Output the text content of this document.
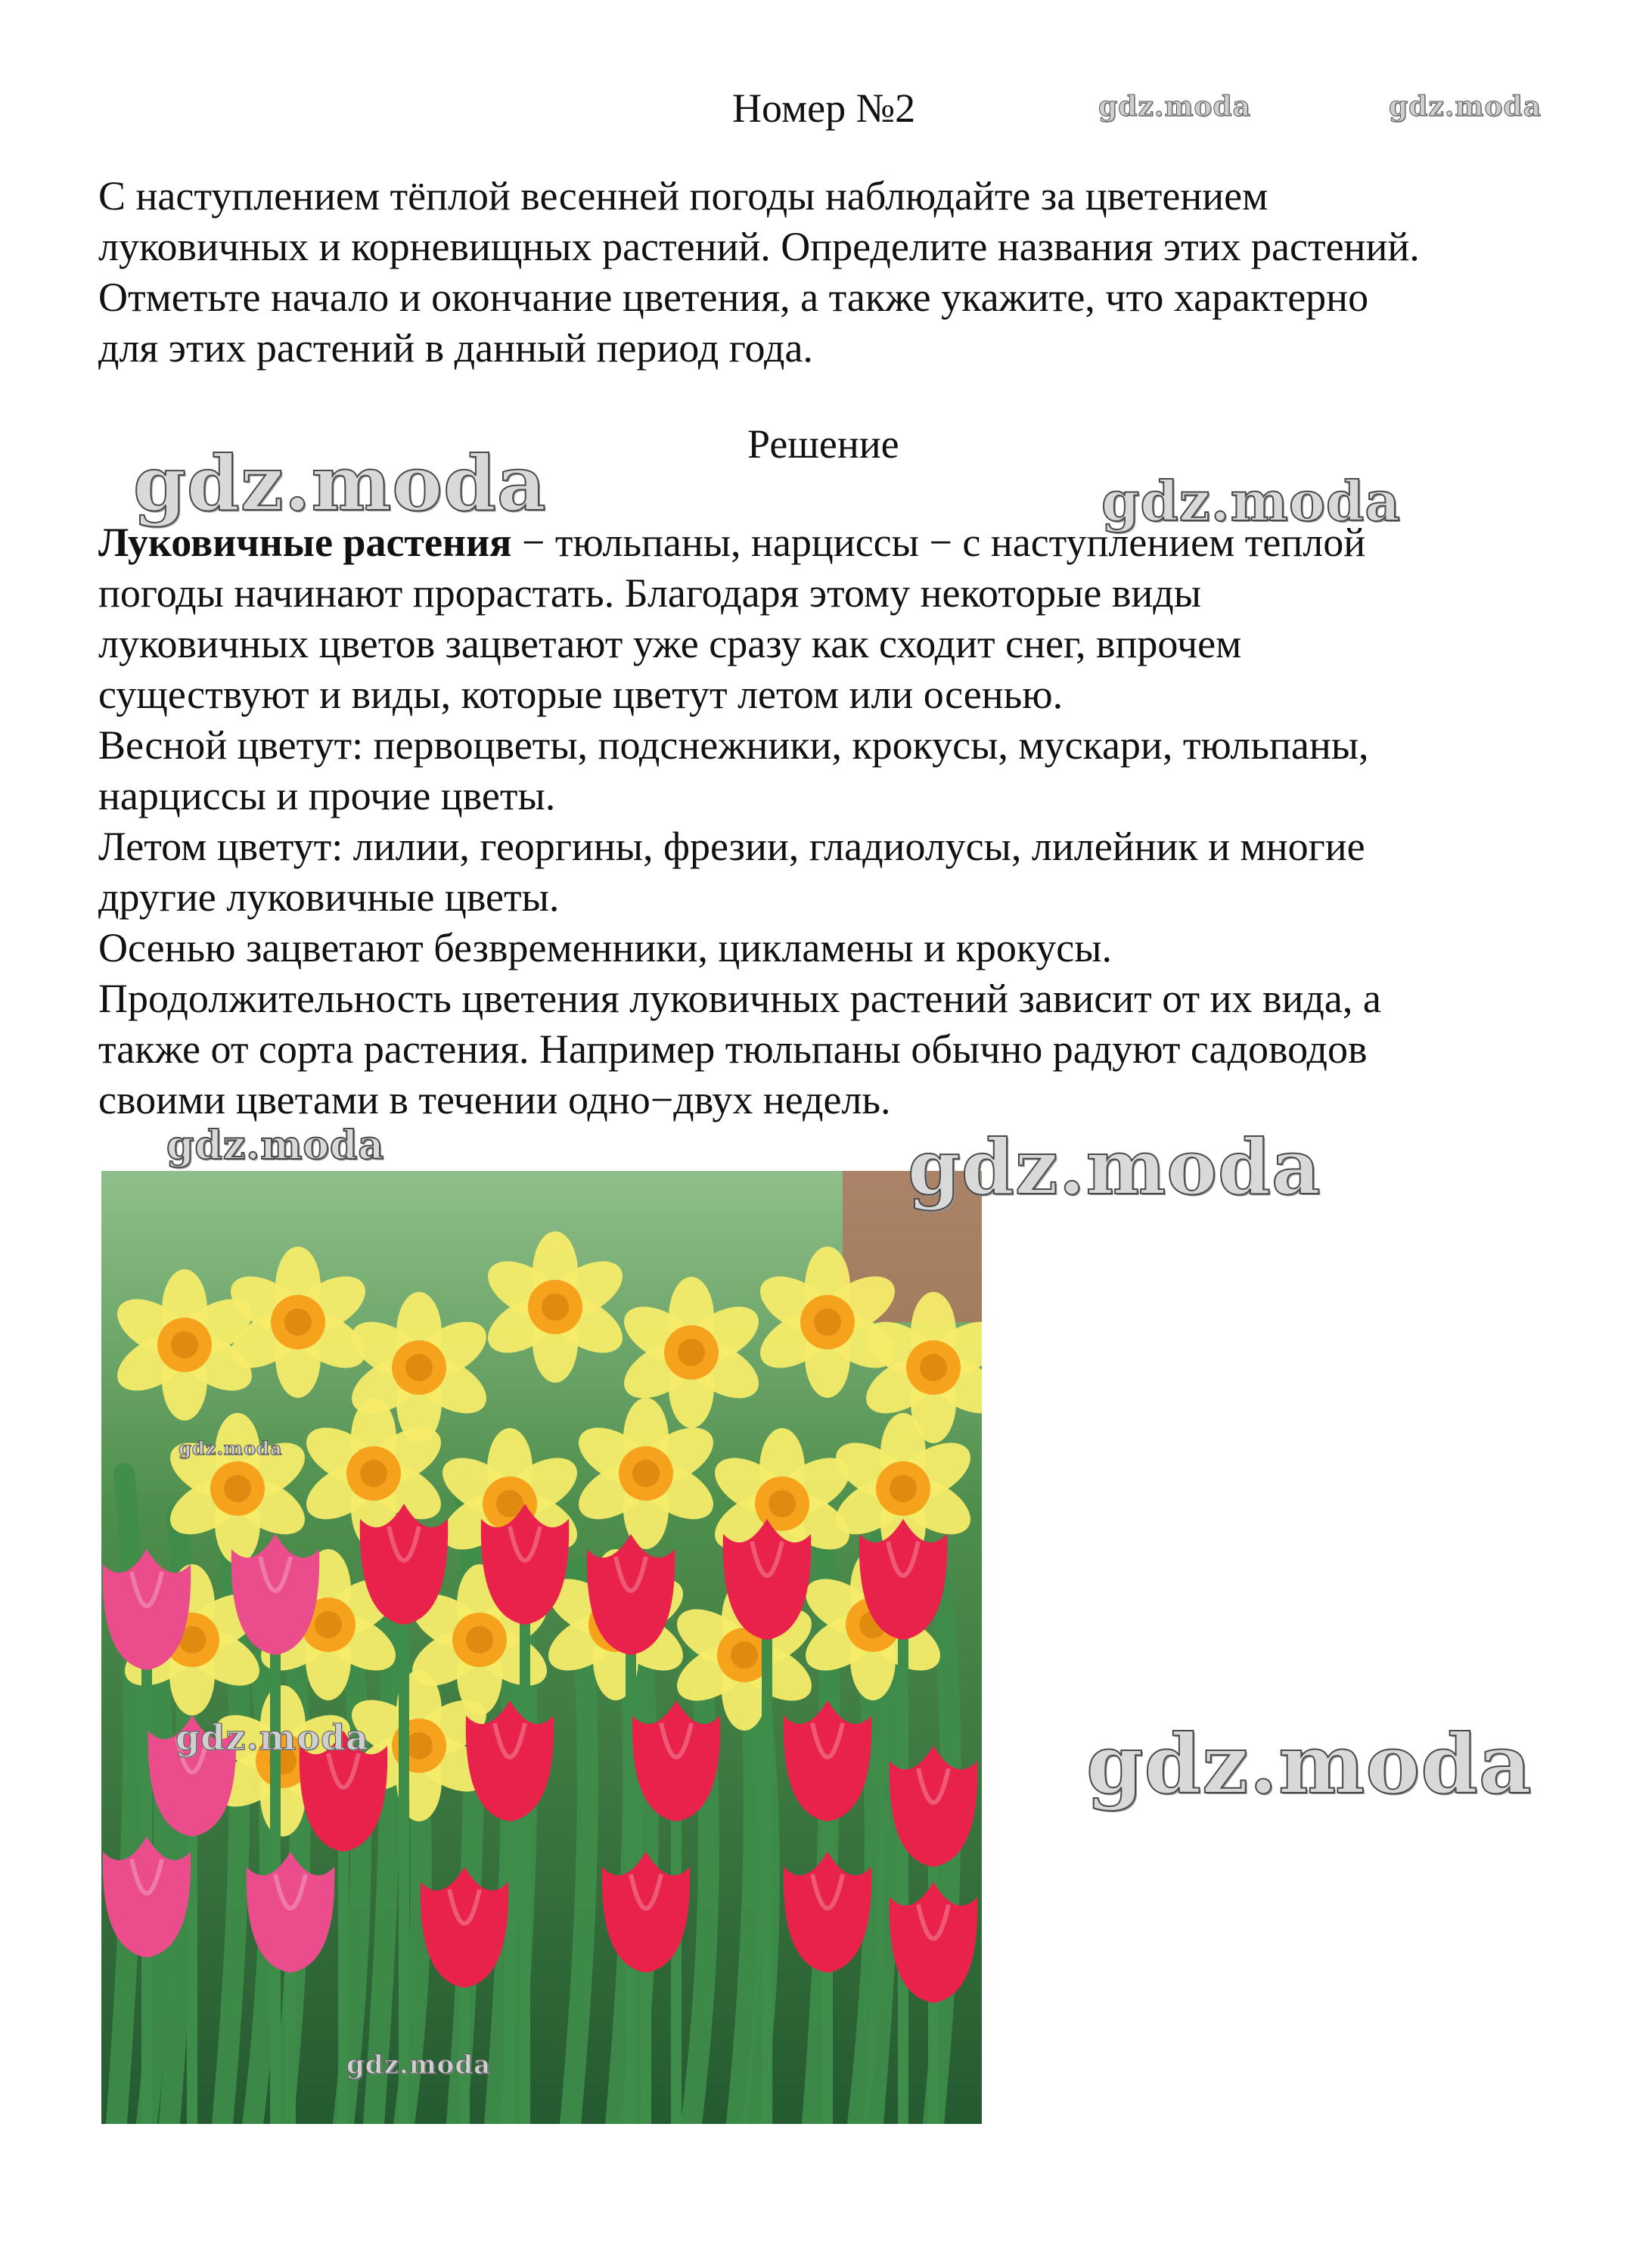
Номер №2	gdz.moda	gdz.moda

С наступлением тёплой весенней погоды наблюдайте за цветением

луковичных и корневищных растений. Определите названия этих растений.

Отметьте начало и окончание цветения, а также укажите, что характерно

для этих растений в данный период года.

Решение
gdz.moda	gdz.moda

Луковичные растения − тюльпаны, нарциссы − с наступлением теплой

погоды начинают прорастать. Благодаря этому некоторые виды

луковичных цветов зацветают уже сразу как сходит снег, впрочем

существуют и виды, которые цветут летом или осенью.

Весной цветут: первоцветы, подснежники, крокусы, мускари, тюльпаны,

нарциссы и прочие цветы.

Летом цветут: лилии, георгины, фрезии, гладиолусы, лилейник и многие

другие луковичные цветы.

Осенью зацветают безвременники, цикламены и крокусы.

Продолжительность цветения луковичных растений зависит от их вида, а

также от сорта растения. Например тюльпаны обычно радуют садоводов

своими цветами в течении одно−двух недель.

gdz.moda	gdz.moda
gdz.moda
gdz.moda	gdz.moda
gdz.moda
